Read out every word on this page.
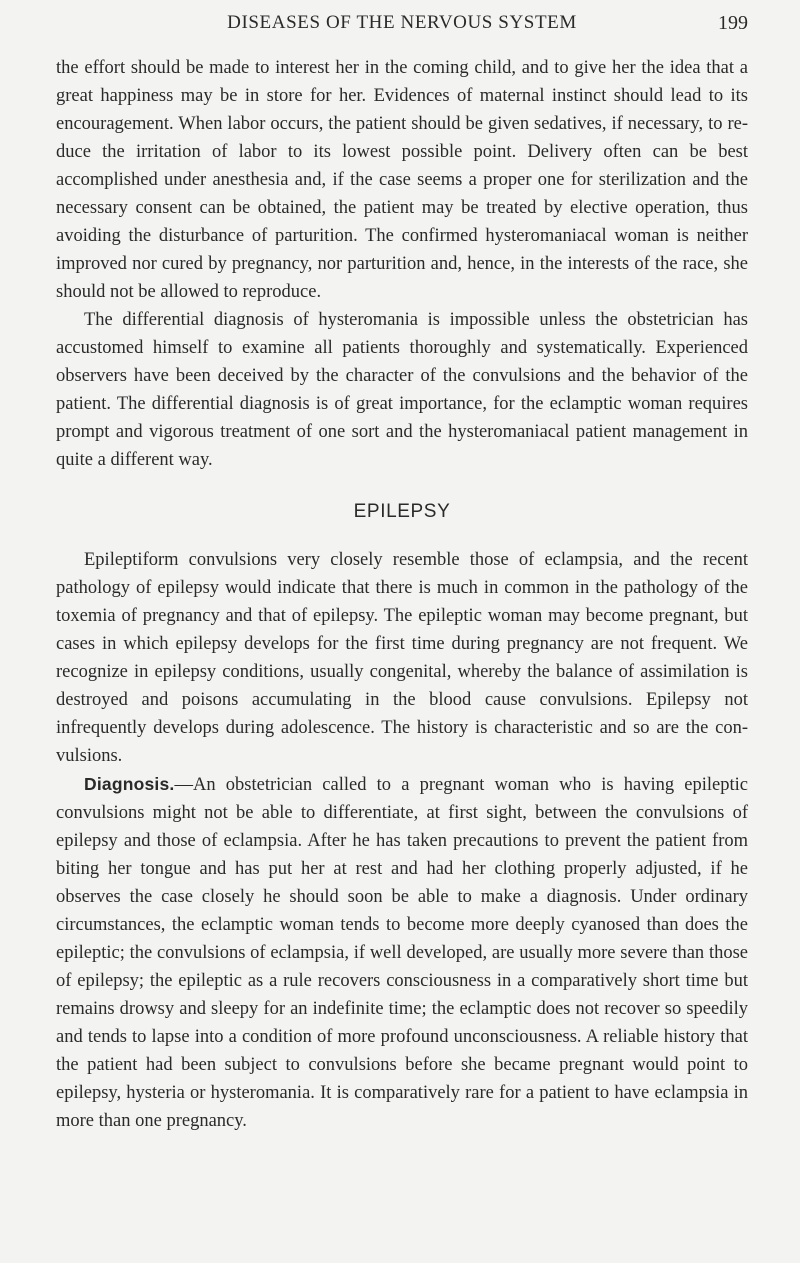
DISEASES OF THE NERVOUS SYSTEM	199

the effort should be made to interest her in the coming child, and to give her the idea that a great happiness may be in store for her. Evidences of maternal instinct should lead to its encouragement. When labor occurs, the patient should be given sedatives, if necessary, to reduce the irritation of labor to its lowest possible point. Delivery often can be best accomplished under anesthesia and, if the case seems a proper one for sterilization and the necessary consent can be obtained, the patient may be treated by elective operation, thus avoiding the disturbance of parturition. The confirmed hysteromaniacal woman is neither improved nor cured by pregnancy, nor parturition and, hence, in the interests of the race, she should not be allowed to reproduce.

The differential diagnosis of hysteromania is impossible unless the obstetrician has accustomed himself to examine all patients thoroughly and systematically. Experienced observers have been deceived by the character of the convulsions and the behavior of the patient. The differential diagnosis is of great importance, for the eclamptic woman requires prompt and vigorous treatment of one sort and the hysteromaniacal patient management in quite a different way.

EPILEPSY

Epileptiform convulsions very closely resemble those of eclampsia, and the recent pathology of epilepsy would indicate that there is much in common in the pathology of the toxemia of pregnancy and that of epilepsy. The epileptic woman may become pregnant, but cases in which epilepsy develops for the first time during pregnancy are not frequent. We recognize in epilepsy conditions, usually congenital, whereby the balance of assimilation is destroyed and poisons accumulating in the blood cause convulsions. Epilepsy not infrequently develops during adolescence. The history is characteristic and so are the convulsions.

Diagnosis.—An obstetrician called to a pregnant woman who is having epileptic convulsions might not be able to differentiate, at first sight, between the convulsions of epilepsy and those of eclampsia. After he has taken precautions to prevent the patient from biting her tongue and has put her at rest and had her clothing properly adjusted, if he observes the case closely he should soon be able to make a diagnosis. Under ordinary circumstances, the eclamptic woman tends to become more deeply cyanosed than does the epileptic; the convulsions of eclampsia, if well developed, are usually more severe than those of epilepsy; the epileptic as a rule recovers consciousness in a comparatively short time but remains drowsy and sleepy for an indefinite time; the eclamptic does not recover so speedily and tends to lapse into a condition of more profound unconsciousness. A reliable history that the patient had been subject to convulsions before she became pregnant would point to epilepsy, hysteria or hysteromania. It is comparatively rare for a patient to have eclampsia in more than one pregnancy.
